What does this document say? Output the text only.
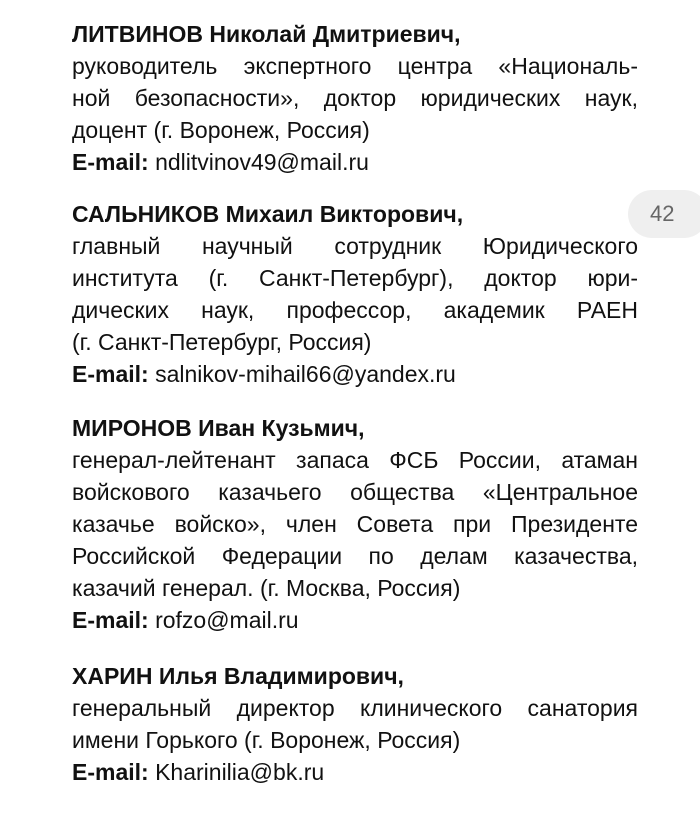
ЛИТВИНОВ Николай Дмитриевич,
руководитель экспертного центра «Националь-
ной безопасности», доктор юридических наук,
доцент (г. Воронеж, Россия)
E-mail: ndlitvinov49@mail.ru
САЛЬНИКОВ Михаил Викторович,
главный научный сотрудник Юридического
института (г. Санкт-Петербург), доктор юри-
дических наук, профессор, академик РАЕН
(г. Санкт-Петербург, Россия)
E-mail: salnikov-mihail66@yandex.ru
МИРОНОВ Иван Кузьмич,
генерал-лейтенант запаса ФСБ России, атаман
войскового казачьего общества «Центральное
казачье войско», член Совета при Президенте
Российской Федерации по делам казачества,
казачий генерал. (г. Москва, Россия)
E-mail: rofzo@mail.ru
ХАРИН Илья Владимирович,
генеральный директор клинического санатория
имени Горького (г. Воронеж, Россия)
E-mail: Kharinilia@bk.ru
42
